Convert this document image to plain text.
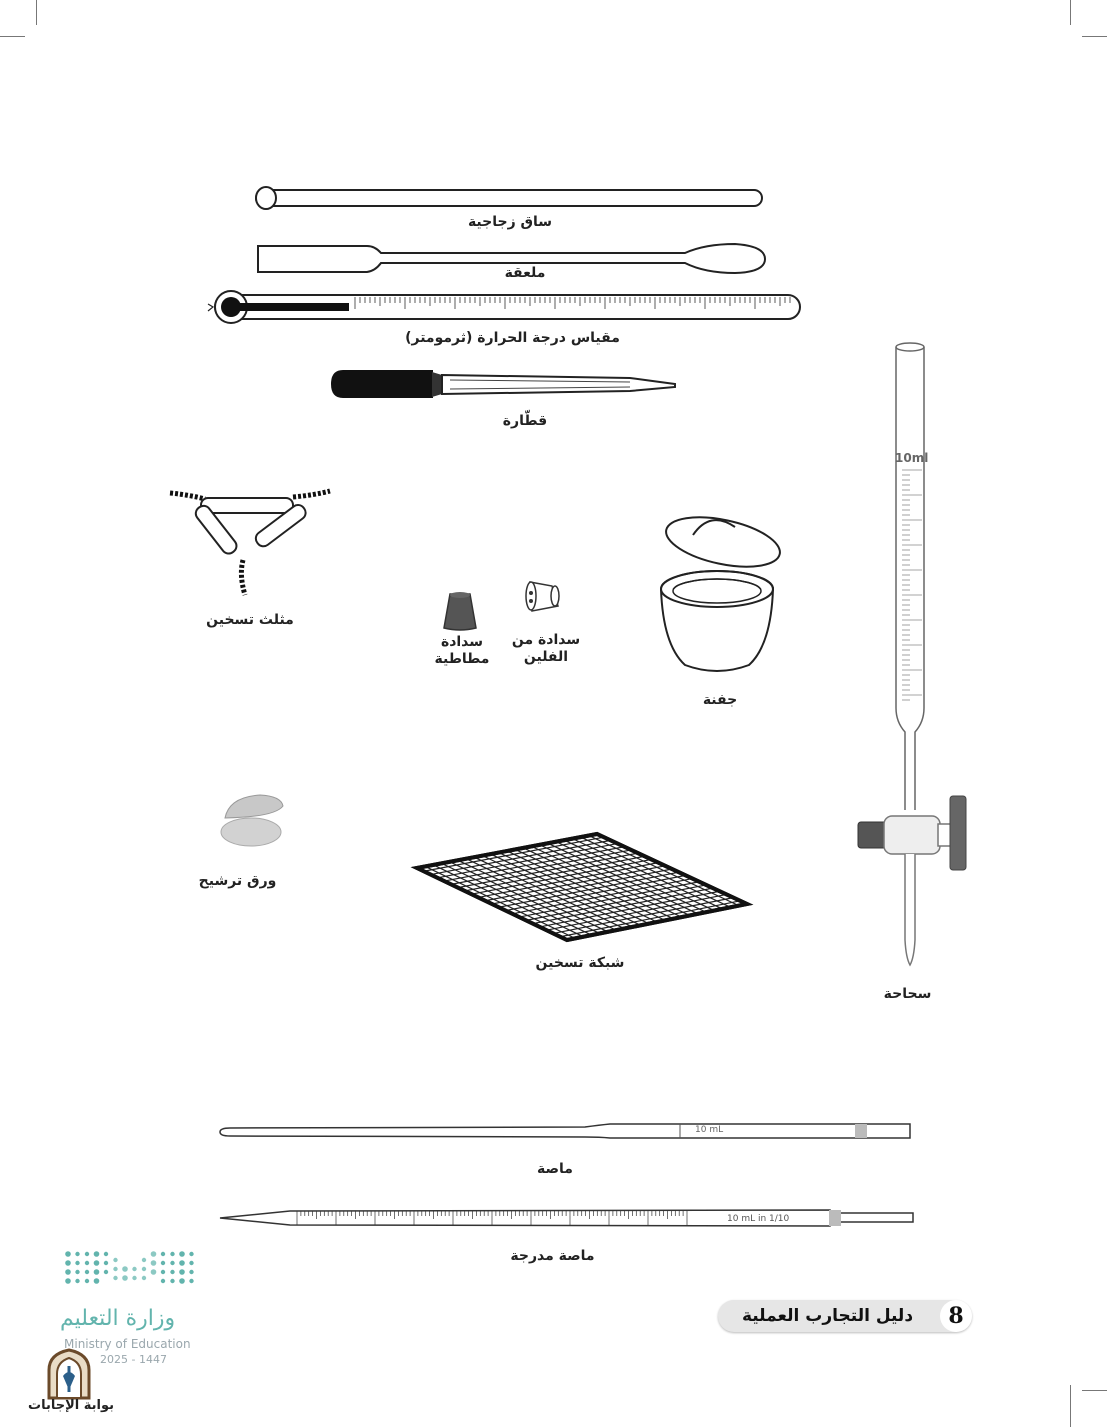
ساق زجاجية
ملعقة
مقياس درجة الحرارة (ثرمومتر)
قطّارة
مثلث تسخين
سدادة مطاطية
سدادة من الفلين
جفنة
10ml
سحاحة
ورق ترشيح
شبكة تسخين
10 mL
ماصة
10 mL in 1/10
ماصة مدرجة
وزارة التعليم
Ministry of Education
2025 - 1447
دليل التجارب العملية	8
بوابة الإجابات
